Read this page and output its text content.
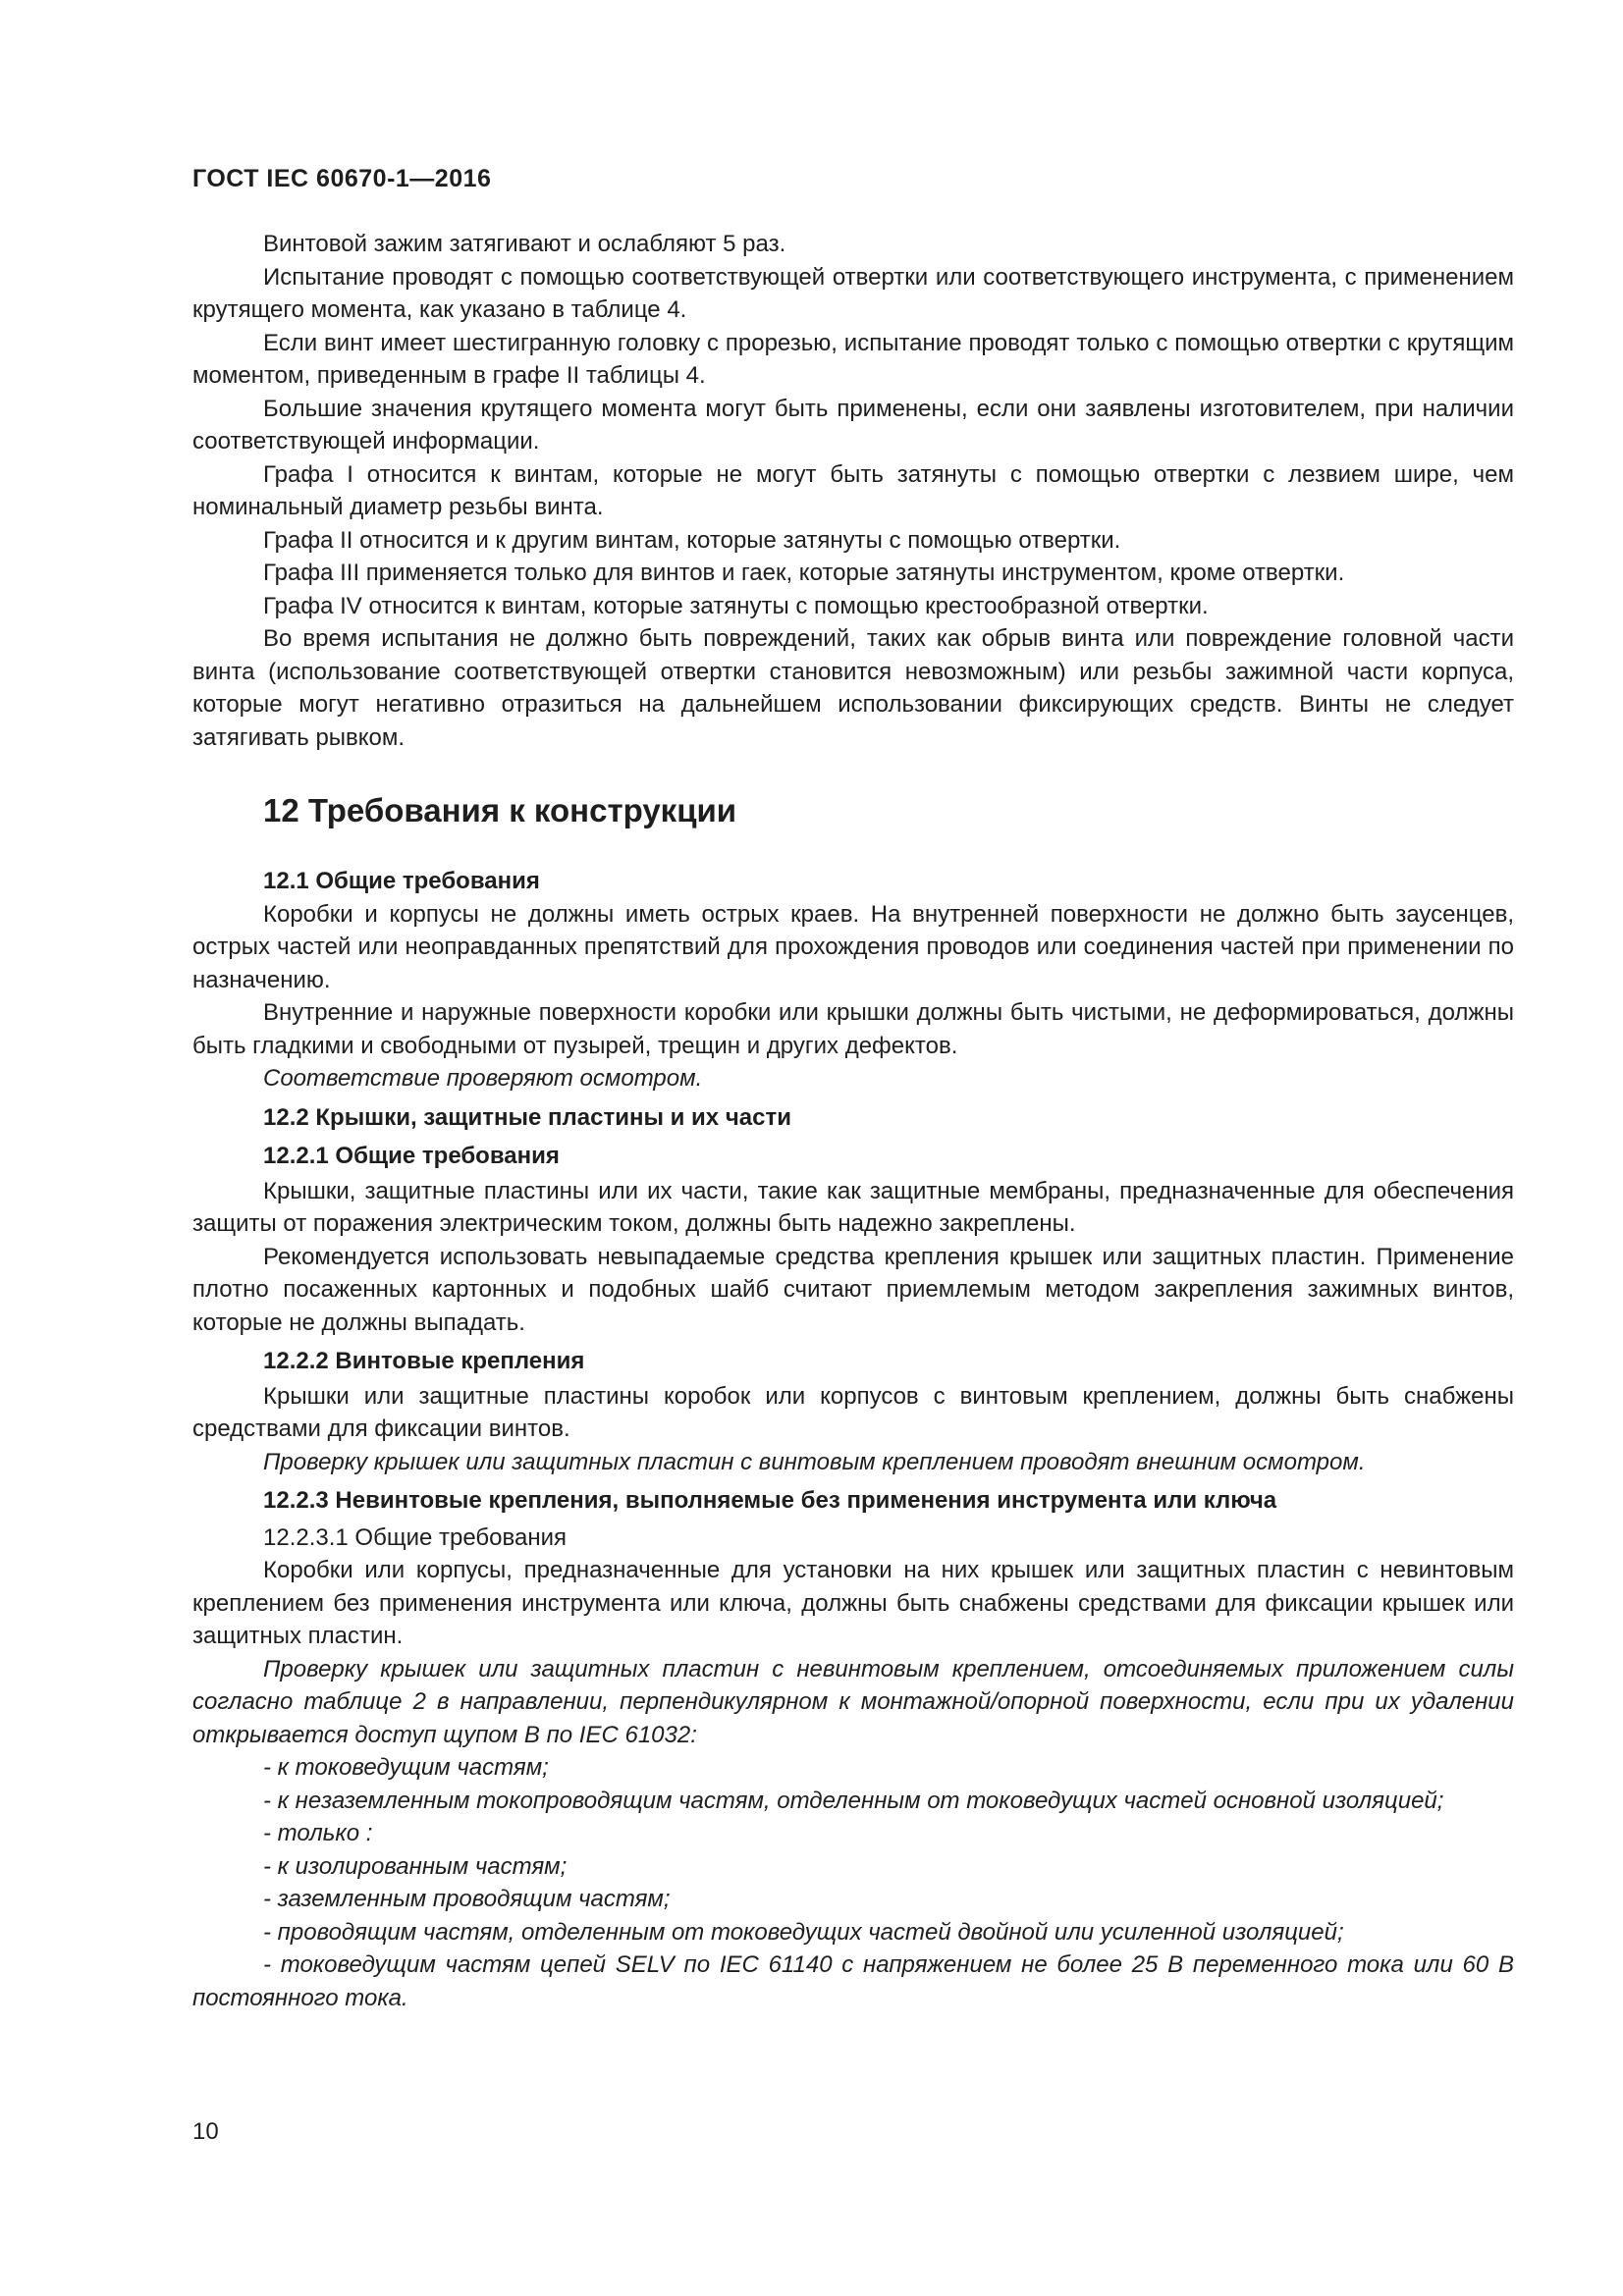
ГОСТ IEC 60670-1—2016

Винтовой зажим затягивают и ослабляют 5 раз.

Испытание проводят с помощью соответствующей отвертки или соответствующего инструмента, с применением крутящего момента, как указано в таблице 4.

Если винт имеет шестигранную головку с прорезью, испытание проводят только с помощью отвертки с крутящим моментом, приведенным в графе II таблицы 4.

Большие значения крутящего момента могут быть применены, если они заявлены изготовителем, при наличии соответствующей информации.

Графа I относится к винтам, которые не могут быть затянуты с помощью отвертки с лезвием шире, чем номинальный диаметр резьбы винта.

Графа II относится и к другим винтам, которые затянуты с помощью отвертки.

Графа III применяется только для винтов и гаек, которые затянуты инструментом, кроме отвертки.

Графа IV относится к винтам, которые затянуты с помощью крестообразной отвертки.

Во время испытания не должно быть повреждений, таких как обрыв винта или повреждение головной части винта (использование соответствующей отвертки становится невозможным) или резьбы зажимной части корпуса, которые могут негативно отразиться на дальнейшем использовании фиксирующих средств. Винты не следует затягивать рывком.

12 Требования к конструкции
12.1 Общие требования

Коробки и корпусы не должны иметь острых краев. На внутренней поверхности не должно быть заусенцев, острых частей или неоправданных препятствий для прохождения проводов или соединения частей при применении по назначению.

Внутренние и наружные поверхности коробки или крышки должны быть чистыми, не деформироваться, должны быть гладкими и свободными от пузырей, трещин и других дефектов.

Соответствие проверяют осмотром.

12.2 Крышки, защитные пластины и их части
12.2.1 Общие требования

Крышки, защитные пластины или их части, такие как защитные мембраны, предназначенные для обеспечения защиты от поражения электрическим током, должны быть надежно закреплены.

Рекомендуется использовать невыпадаемые средства крепления крышек или защитных пластин. Применение плотно посаженных картонных и подобных шайб считают приемлемым методом закрепления зажимных винтов, которые не должны выпадать.

12.2.2 Винтовые крепления

Крышки или защитные пластины коробок или корпусов с винтовым креплением, должны быть снабжены средствами для фиксации винтов.

Проверку крышек или защитных пластин с винтовым креплением проводят внешним осмотром.

12.2.3 Невинтовые крепления, выполняемые без применения инструмента или ключа
12.2.3.1 Общие требования

Коробки или корпусы, предназначенные для установки на них крышек или защитных пластин с невинтовым креплением без применения инструмента или ключа, должны быть снабжены средствами для фиксации крышек или защитных пластин.

Проверку крышек или защитных пластин с невинтовым креплением, отсоединяемых приложением силы согласно таблице 2 в направлении, перпендикулярном к монтажной/опорной поверхности, если при их удалении открывается доступ щупом B по IEC 61032:

- к токоведущим частям;

- к незаземленным токопроводящим частям, отделенным от токоведущих частей основной изоляцией;

- только :

- к изолированным частям;

- заземленным проводящим частям;

- проводящим частям, отделенным от токоведущих частей двойной или усиленной изоляцией;

- токоведущим частям цепей SELV по IEC 61140 с напряжением не более 25 В переменного тока или 60 В постоянного тока.

10
